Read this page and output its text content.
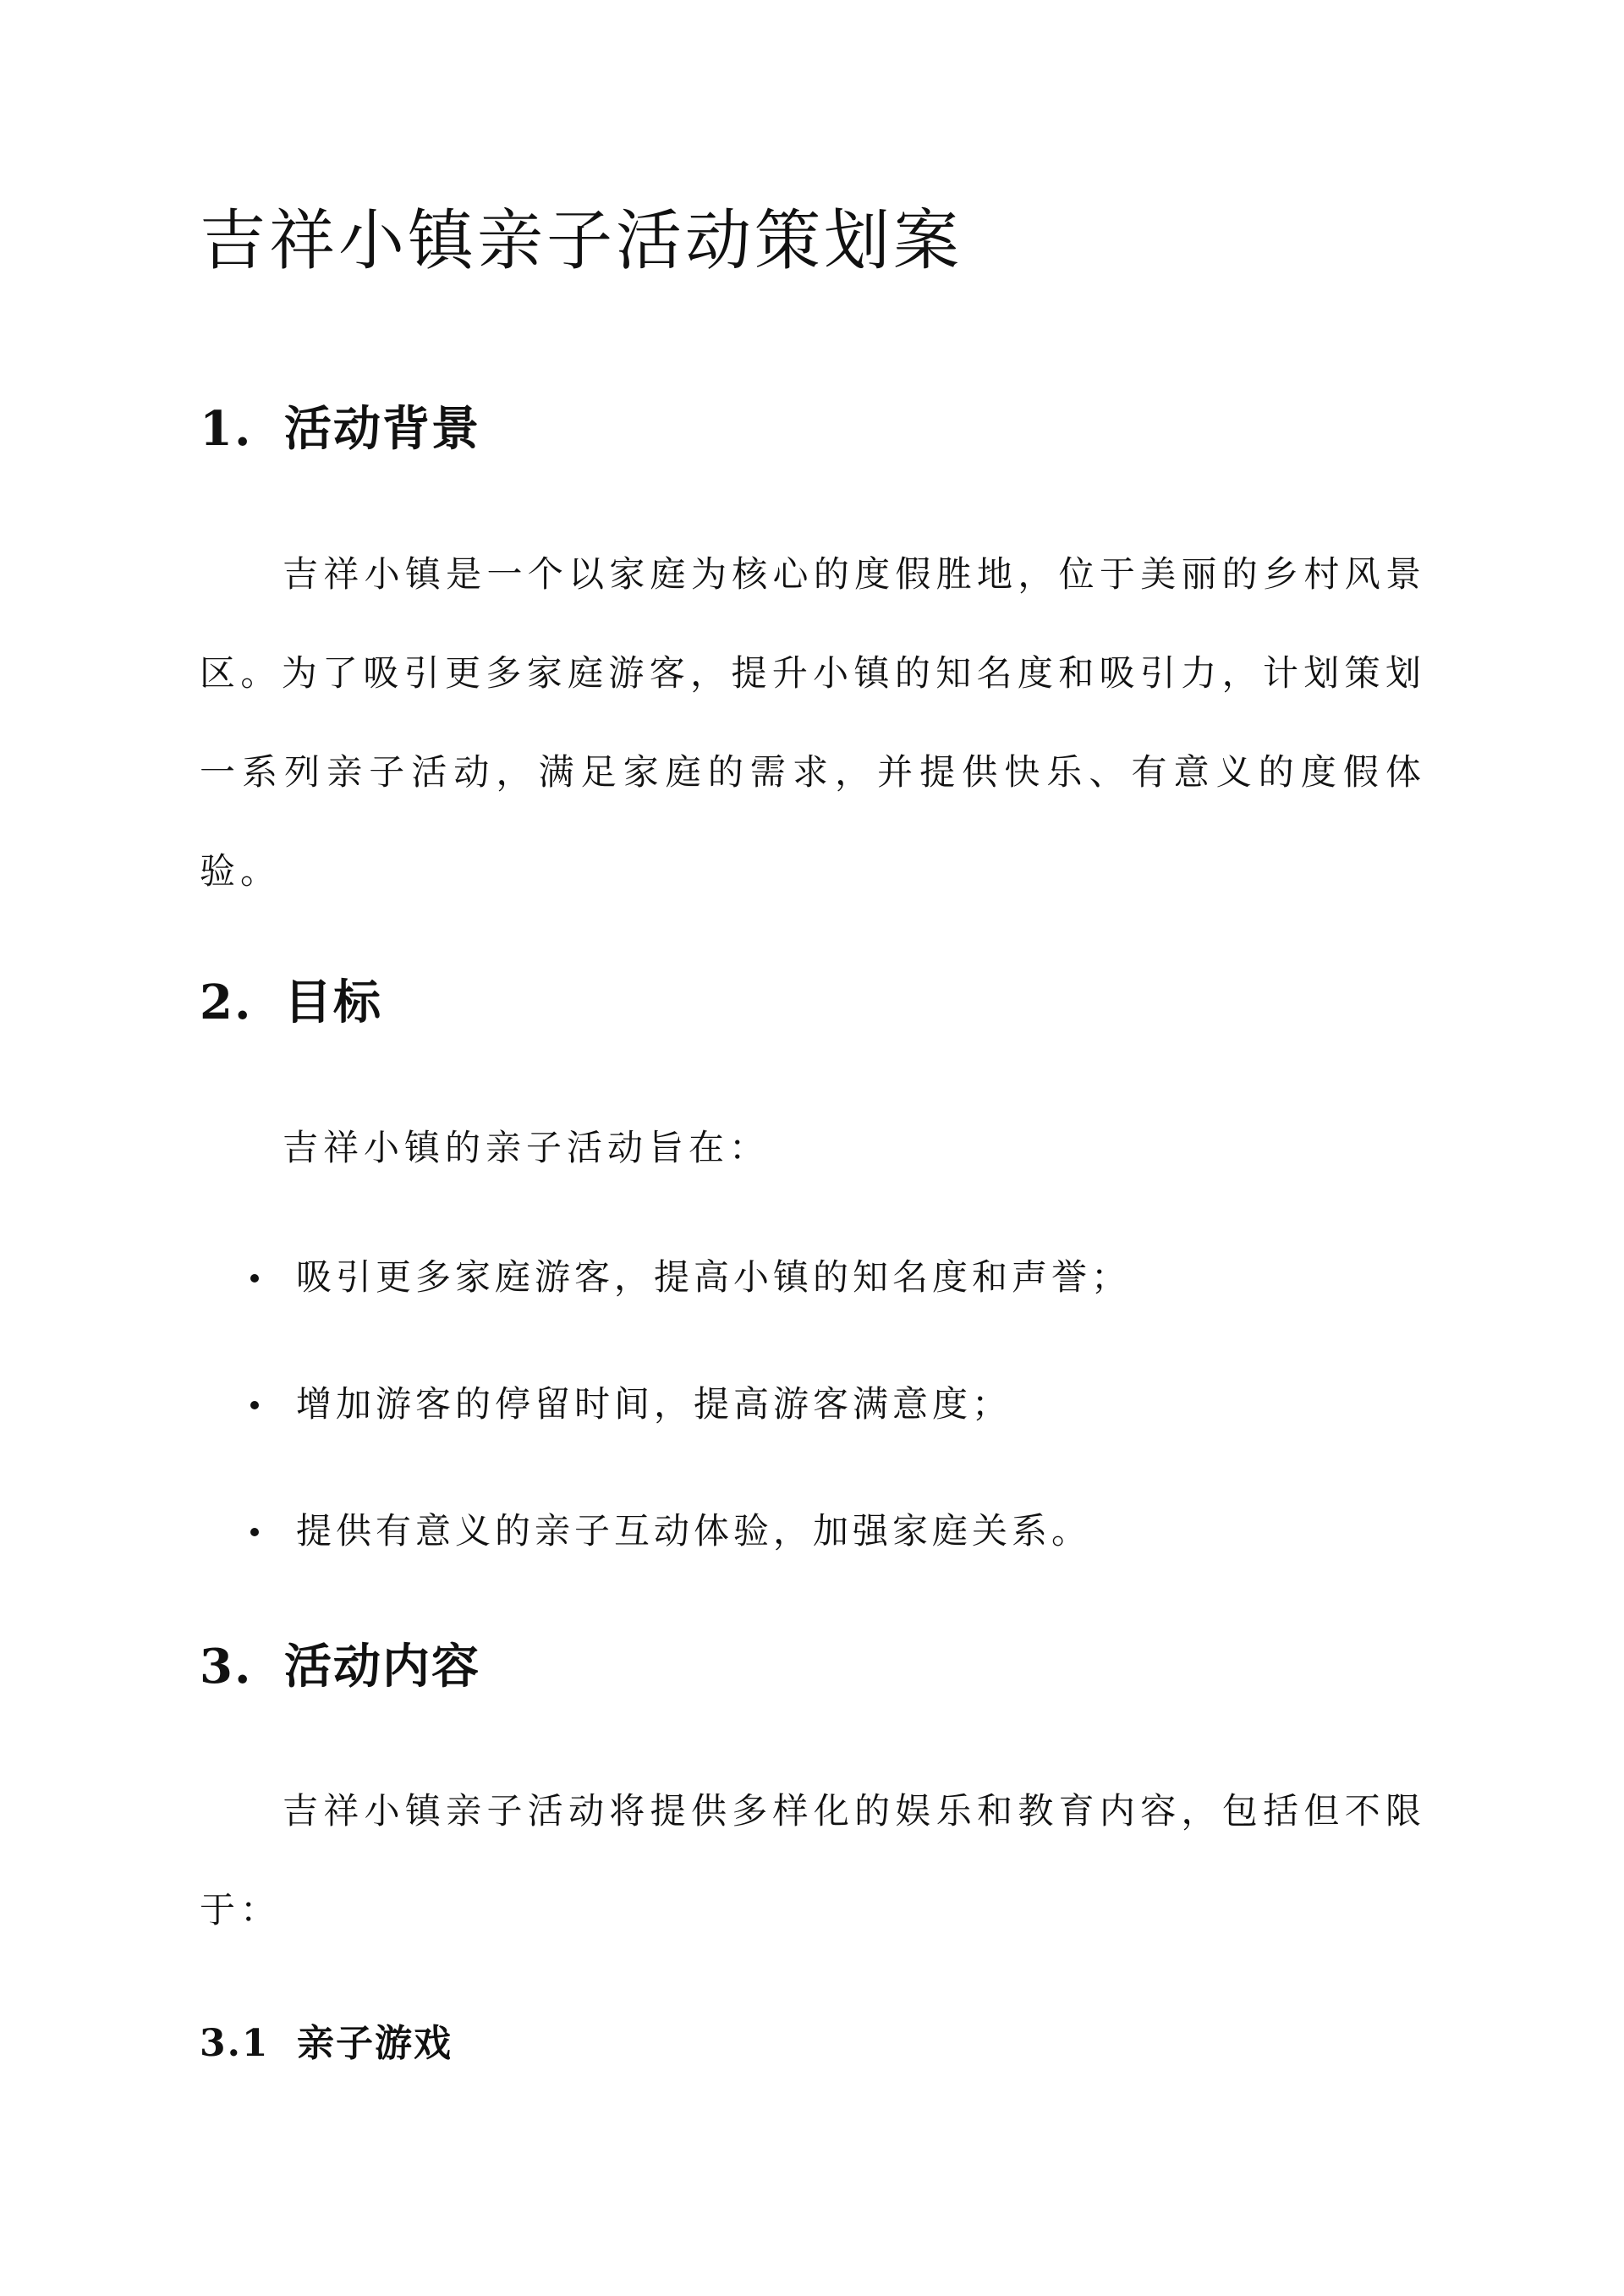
吉祥小镇亲子活动策划案
1. 活动背景

吉祥小镇是一个以家庭为核心的度假胜地，位于美丽的乡村风景区。为了吸引更多家庭游客，提升小镇的知名度和吸引力，计划策划一系列亲子活动，满足家庭的需求，并提供快乐、有意义的度假体验。

2. 目标

吉祥小镇的亲子活动旨在：

吸引更多家庭游客，提高小镇的知名度和声誉；
增加游客的停留时间，提高游客满意度；
提供有意义的亲子互动体验，加强家庭关系。
3. 活动内容

吉祥小镇亲子活动将提供多样化的娱乐和教育内容，包括但不限于：

3.1 亲子游戏
